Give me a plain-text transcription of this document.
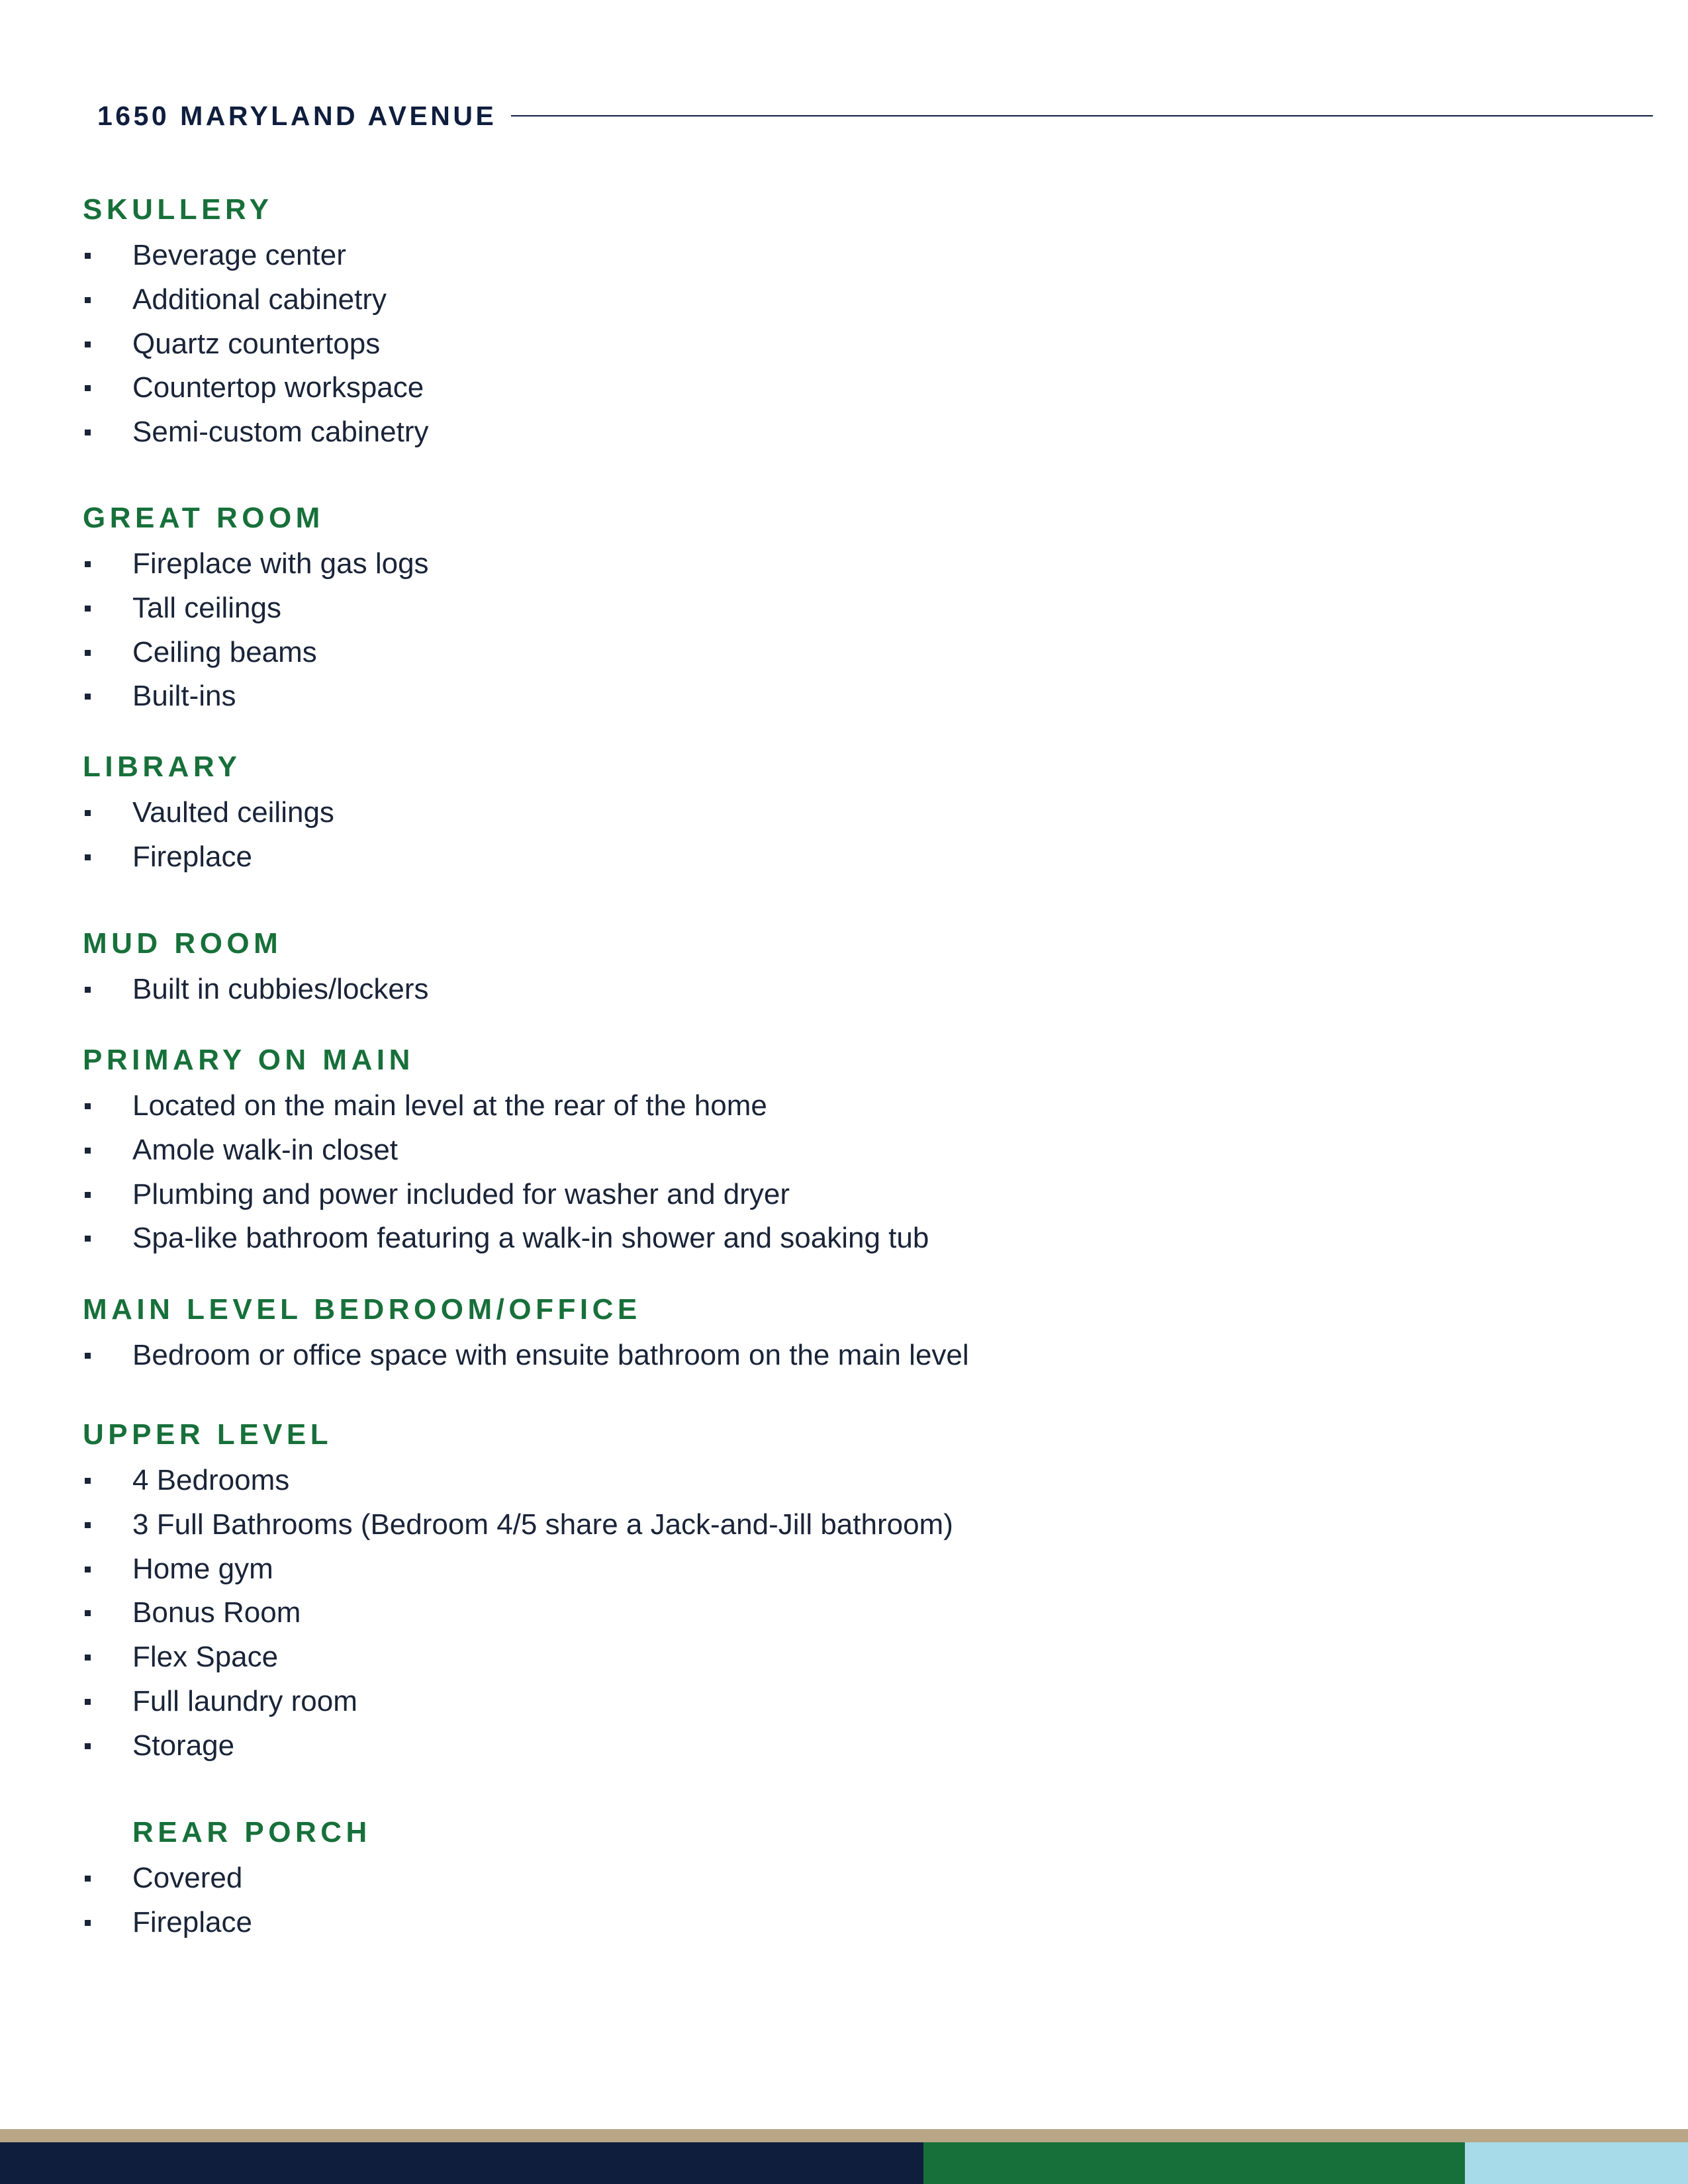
1650 MARYLAND AVENUE
SKULLERY
Beverage center
Additional cabinetry
Quartz countertops
Countertop workspace
Semi-custom cabinetry
GREAT ROOM
Fireplace with gas logs
Tall ceilings
Ceiling beams
Built-ins
LIBRARY
Vaulted ceilings
Fireplace
MUD ROOM
Built in cubbies/lockers
PRIMARY ON MAIN
Located on the main level at the rear of the home
Amole walk-in closet
Plumbing and power included for washer and dryer
Spa-like bathroom featuring a walk-in shower and soaking tub
MAIN LEVEL BEDROOM/OFFICE
Bedroom or office space with ensuite bathroom on the main level
UPPER LEVEL
4 Bedrooms
3 Full Bathrooms (Bedroom 4/5 share a Jack-and-Jill bathroom)
Home gym
Bonus Room
Flex Space
Full laundry room
Storage
REAR PORCH
Covered
Fireplace
